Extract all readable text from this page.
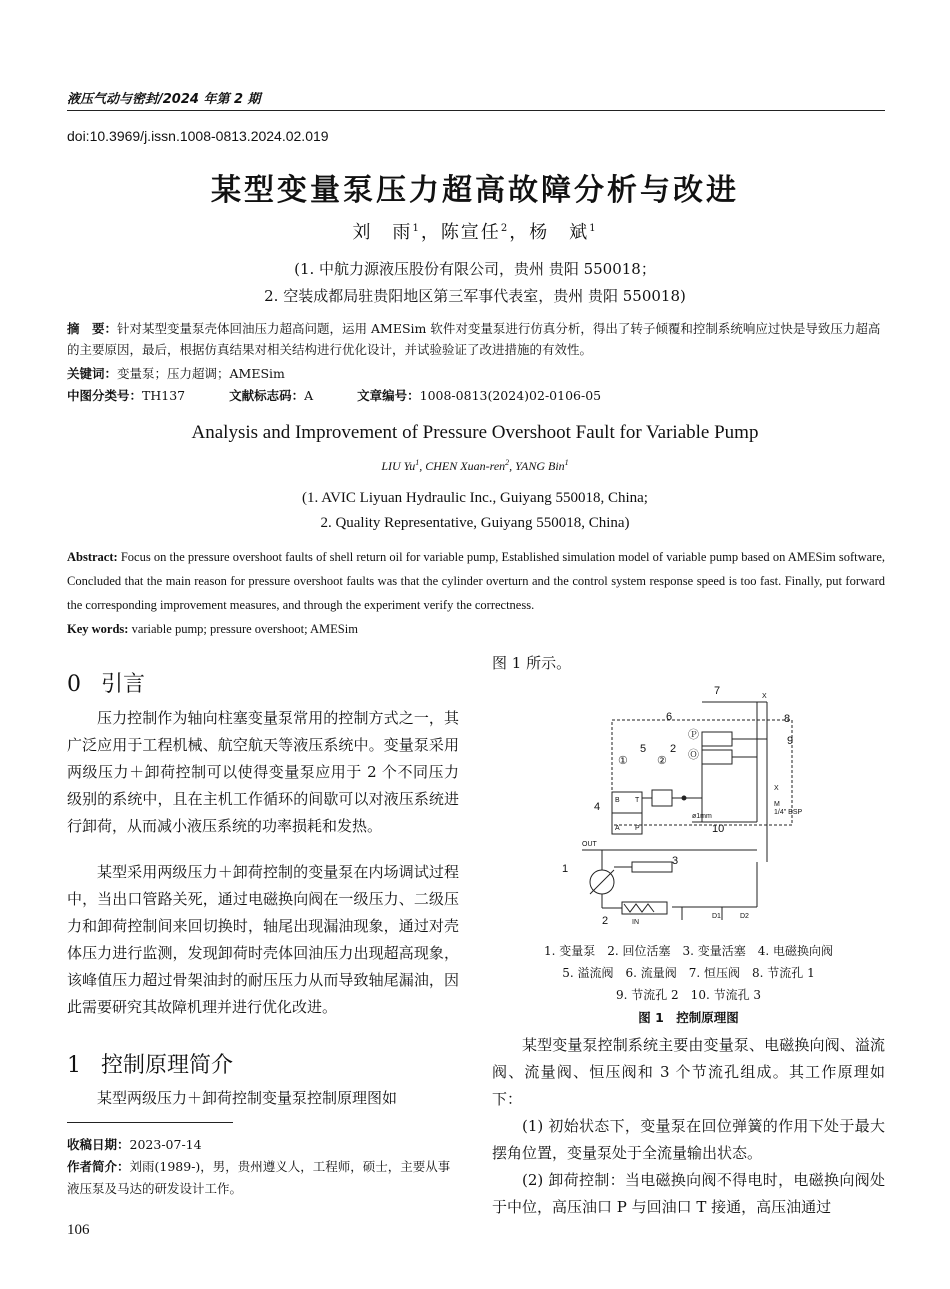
液压气动与密封/2024 年第 2 期
doi:10.3969/j.issn.1008-0813.2024.02.019
某型变量泵压力超高故障分析与改进
刘　雨$^1$，陈宣任$^2$，杨　斌$^1$
(1. 中航力源液压股份有限公司，贵州 贵阳 550018；
2. 空装成都局驻贵阳地区第三军事代表室，贵州 贵阳 550018)
摘　要：针对某型变量泵壳体回油压力超高问题，运用 AMESim 软件对变量泵进行仿真分析，得出了转子倾覆和控制系统响应过快是导致压力超高的主要原因，最后，根据仿真结果对相关结构进行优化设计，并试验验证了改进措施的有效性。
关键词：变量泵；压力超调；AMESim
中图分类号：TH137	文献标志码：A	文章编号：1008-0813(2024)02-0106-05
Analysis and Improvement of Pressure Overshoot Fault for Variable Pump
LIU Yu$^1$, CHEN Xuan-ren$^2$, YANG Bin$^1$
(1. AVIC Liyuan Hydraulic Inc., Guiyang 550018, China;
2. Quality Representative, Guiyang 550018, China)
Abstract: Focus on the pressure overshoot faults of shell return oil for variable pump, Established simulation model of variable pump based on AMESim software, Concluded that the main reason for pressure overshoot faults was that the cylinder overturn and the control system response speed is too fast. Finally, put forward the corresponding improvement measures, and through the experiment verify the correctness.
Key words: variable pump; pressure overshoot; AMESim
0 引言
压力控制作为轴向柱塞变量泵常用的控制方式之一，其广泛应用于工程机械、航空航天等液压系统中。变量泵采用两级压力＋卸荷控制可以使得变量泵应用于 2 个不同压力级别的系统中，且在主机工作循环的间歇可以对液压系统进行卸荷，从而减小液压系统的功率损耗和发热。
某型采用两级压力＋卸荷控制的变量泵在内场调试过程中，当出口管路关死，通过电磁换向阀在一级压力、二级压力和卸荷控制间来回切换时，轴尾出现漏油现象，通过对壳体压力进行监测，发现卸荷时壳体回油压力出现超高现象，该峰值压力超过骨架油封的耐压压力从而导致轴尾漏油，因此需要研究其故障机理并进行优化改进。
1 控制原理简介
某型两级压力＋卸荷控制变量泵控制原理图如
收稿日期：2023-07-14
作者简介：刘雨(1989-)，男，贵州遵义人，工程师，硕士，主要从事液压泵及马达的研发设计工作。
106
图 1 所示。
7
6	8
9
5 2
4
10
1
3
2
①	②
Ⓟ
Ⓞ
X
X
M
1/4" BSP
ø1mm
OUT
IN
D1	D2
B T
A P
1. 变量泵　2. 回位活塞　3. 变量活塞　4. 电磁换向阀
5. 溢流阀　6. 流量阀　7. 恒压阀　8. 节流孔 1
9. 节流孔 2　10. 节流孔 3
图 1　控制原理图
某型变量泵控制系统主要由变量泵、电磁换向阀、溢流阀、流量阀、恒压阀和 3 个节流孔组成。其工作原理如下：
(1) 初始状态下，变量泵在回位弹簧的作用下处于最大摆角位置，变量泵处于全流量输出状态。
(2) 卸荷控制：当电磁换向阀不得电时，电磁换向阀处于中位，高压油口 P 与回油口 T 接通，高压油通过
